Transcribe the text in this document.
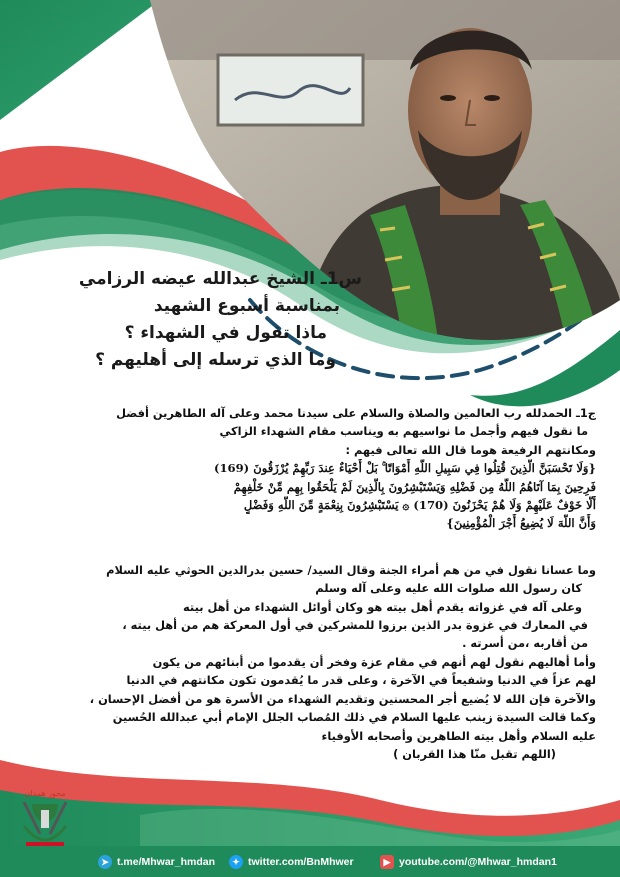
س1ـ الشيخ عبدالله عيضه الرزامي
بمناسبة أسبوع الشهيد
ماذا تقول في الشهداء ؟
وما الذي ترسله إلى أهليهم ؟
ج1ـ الحمدلله رب العالمين والصلاة والسلام على سيدنا محمد وعلى آله الطاهرين أفضل
ما نقول فيهم وأجمل ما نواسيهم به ويناسب مقام الشهداء الزاكي
ومكانتهم الرفيعة هوما قال الله تعالى فيهم :
{وَلَا تَحْسَبَنَّ الَّذِينَ قُتِلُوا فِي سَبِيلِ اللَّهِ أَمْوَاتًا ۚ بَلْ أَحْيَاءٌ عِندَ رَبِّهِمْ يُرْزَقُونَ (169)
فَرِحِينَ بِمَا آتَاهُمُ اللَّهُ مِن فَضْلِهِ وَيَسْتَبْشِرُونَ بِالَّذِينَ لَمْ يَلْحَقُوا بِهِم مِّنْ خَلْفِهِمْ
أَلَّا خَوْفٌ عَلَيْهِمْ وَلَا هُمْ يَحْزَنُونَ (170) ۞ يَسْتَبْشِرُونَ بِنِعْمَةٍ مِّنَ اللَّهِ وَفَضْلٍ
وَأَنَّ اللَّهَ لَا يُضِيعُ أَجْرَ الْمُؤْمِنِينَ}
وما عسانا نقول في من هم أمراء الجنة وقال السيد/ حسين بدرالدين الحوثي عليه السلام
كان رسول الله صلوات الله عليه وعلى آله وسلم
وعلى آله في غزواته يقدم أهل بيته هو وكان أوائل الشهداء من أهل بيته
في المعارك في غزوة بدر الذين برزوا للمشركين في أول المعركة هم من أهل بيته ،
من أقاربه ،من أسرته .
وأما أهاليهم نقول لهم أنهم في مقام عزة وفخر أن يقدموا من أبنائهم من يكون
لهم عزاً في الدنيا وشفيعاً في الآخرة ، وعلى قدر ما يُقدمون تكون مكانتهم في الدنيا
والآخرة فإن الله لا يُضيع أجر المحسنين وتقديم الشهداء من الأسرة هو من أفضل الإحسان ،
وكما قالت السيدة زينب عليها السلام في ذلك المُصاب الجلل الإمام أبي عبدالله الحُسين
عليه السلام وأهل بيته الطاهرين وأصحابه الأوفياء
(اللهم تقبل منّا هذا القربان )
محور همدان
➤ t.me/Mhwar_hmdan	✦ twitter.com/BnMhwer	▶ youtube.com/@Mhwar_hmdan1
